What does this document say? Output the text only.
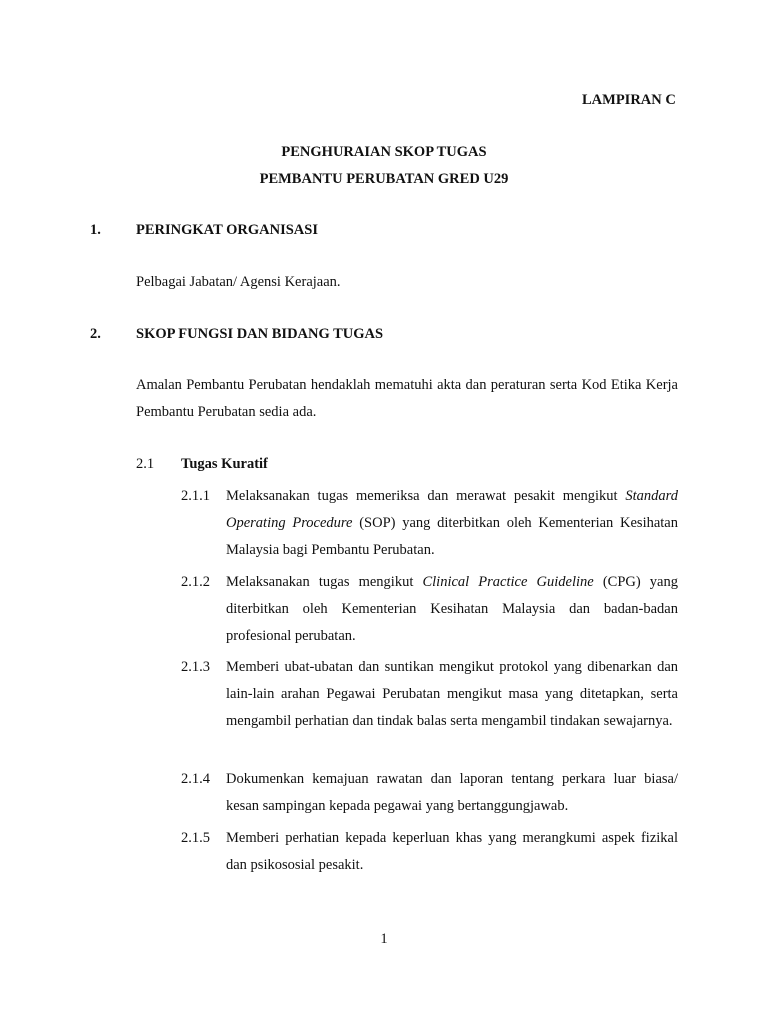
LAMPIRAN C
PENGHURAIAN SKOP TUGAS
PEMBANTU PERUBATAN GRED U29
1. PERINGKAT ORGANISASI
Pelbagai Jabatan/ Agensi Kerajaan.
2. SKOP FUNGSI DAN BIDANG TUGAS
Amalan Pembantu Perubatan hendaklah mematuhi akta dan peraturan serta Kod Etika Kerja Pembantu Perubatan sedia ada.
2.1 Tugas Kuratif
2.1.1 Melaksanakan tugas memeriksa dan merawat pesakit mengikut Standard Operating Procedure (SOP) yang diterbitkan oleh Kementerian Kesihatan Malaysia bagi Pembantu Perubatan.
2.1.2 Melaksanakan tugas mengikut Clinical Practice Guideline (CPG) yang diterbitkan oleh Kementerian Kesihatan Malaysia dan badan-badan profesional perubatan.
2.1.3 Memberi ubat-ubatan dan suntikan mengikut protokol yang dibenarkan dan lain-lain arahan Pegawai Perubatan mengikut masa yang ditetapkan, serta mengambil perhatian dan tindak balas serta mengambil tindakan sewajarnya.
2.1.4 Dokumenkan kemajuan rawatan dan laporan tentang perkara luar biasa/ kesan sampingan kepada pegawai yang bertanggungjawab.
2.1.5 Memberi perhatian kepada keperluan khas yang merangkumi aspek fizikal dan psikososial pesakit.
1
